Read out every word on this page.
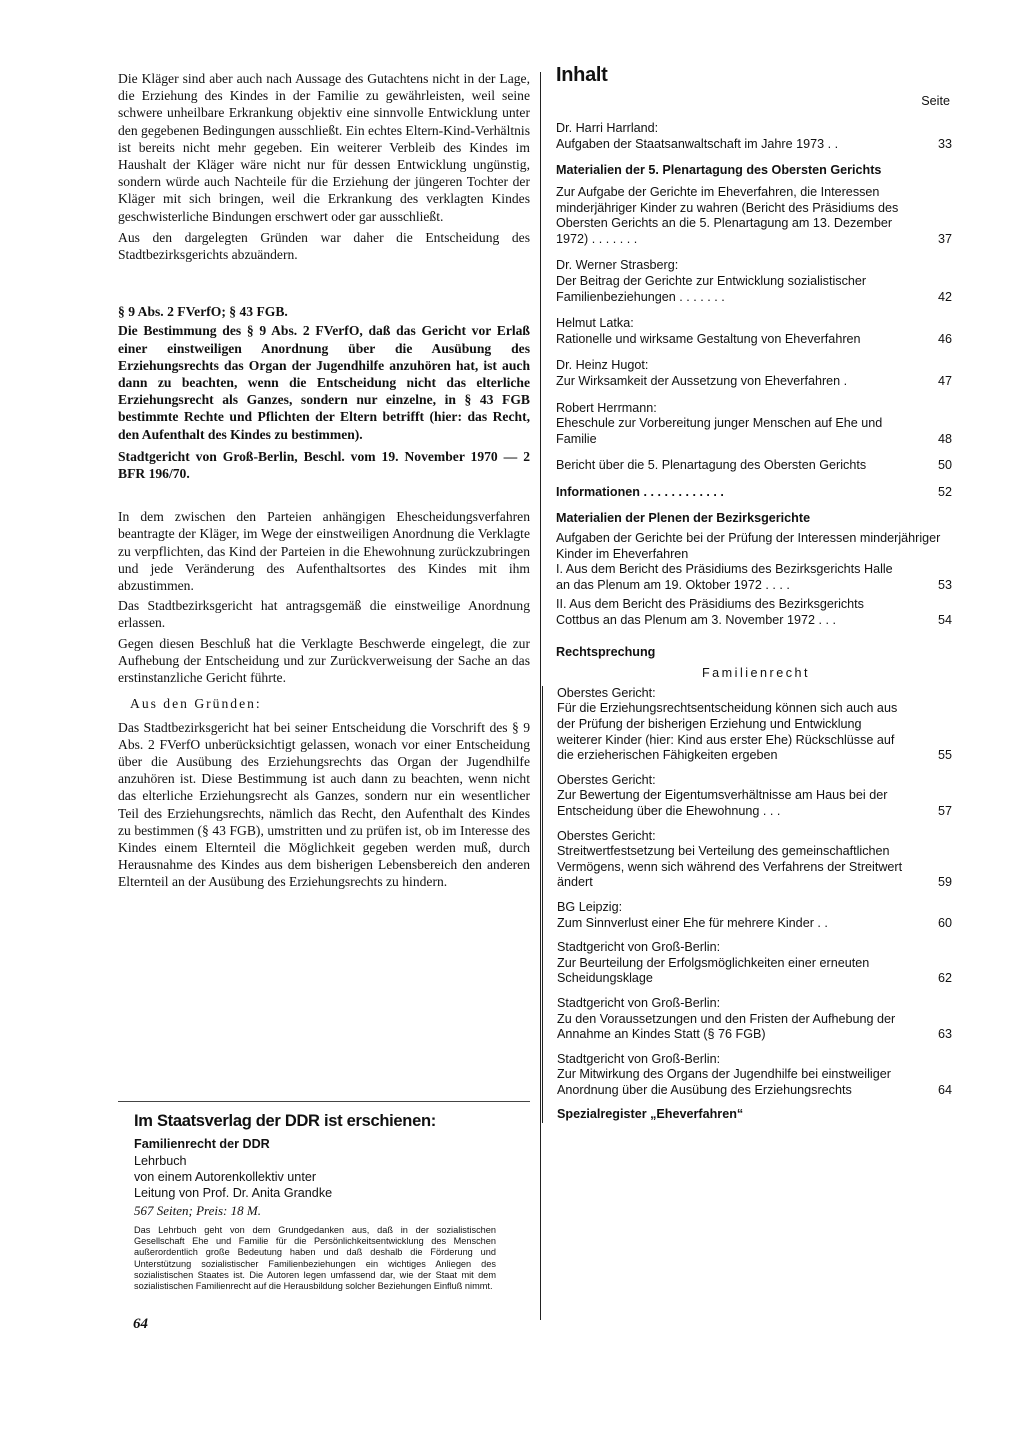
Die Kläger sind aber auch nach Aussage des Gutachtens nicht in der Lage, die Erziehung des Kindes in der Familie zu gewährleisten, weil seine schwere unheilbare Erkrankung objektiv eine sinnvolle Entwicklung unter den gegebenen Bedingungen ausschließt. Ein echtes Eltern-Kind-Verhältnis ist bereits nicht mehr gegeben. Ein weiterer Verbleib des Kindes im Haushalt der Kläger wäre nicht nur für dessen Entwicklung ungünstig, sondern würde auch Nachteile für die Erziehung der jüngeren Tochter der Kläger mit sich bringen, weil die Erkrankung des verklagten Kindes geschwisterliche Bindungen erschwert oder gar ausschließt.

Aus den dargelegten Gründen war daher die Entscheidung des Stadtbezirksgerichts abzuändern.

§ 9 Abs. 2 FVerfO; § 43 FGB.

Die Bestimmung des § 9 Abs. 2 FVerfO, daß das Gericht vor Erlaß einer einstweiligen Anordnung über die Ausübung des Erziehungsrechts das Organ der Jugendhilfe anzuhören hat, ist auch dann zu beachten, wenn die Entscheidung nicht das elterliche Erziehungsrecht als Ganzes, sondern nur einzelne, in § 43 FGB bestimmte Rechte und Pflichten der Eltern betrifft (hier: das Recht, den Aufenthalt des Kindes zu bestimmen).

Stadtgericht von Groß-Berlin, Beschl. vom 19. November 1970 — 2 BFR 196/70.

In dem zwischen den Parteien anhängigen Ehescheidungsverfahren beantragte der Kläger, im Wege der einstweiligen Anordnung die Verklagte zu verpflichten, das Kind der Parteien in die Ehewohnung zurückzubringen und jede Veränderung des Aufenthaltsortes des Kindes mit ihm abzustimmen.

Das Stadtbezirksgericht hat antragsgemäß die einstweilige Anordnung erlassen.

Gegen diesen Beschluß hat die Verklagte Beschwerde eingelegt, die zur Aufhebung der Entscheidung und zur Zurückverweisung der Sache an das erstinstanzliche Gericht führte.

Aus den Gründen:

Das Stadtbezirksgericht hat bei seiner Entscheidung die Vorschrift des § 9 Abs. 2 FVerfO unberücksichtigt gelassen, wonach vor einer Entscheidung über die Ausübung des Erziehungsrechts das Organ der Jugendhilfe anzuhören ist. Diese Bestimmung ist auch dann zu beachten, wenn nicht das elterliche Erziehungsrecht als Ganzes, sondern nur ein wesentlicher Teil des Erziehungsrechts, nämlich das Recht, den Aufenthalt des Kindes zu bestimmen (§ 43 FGB), umstritten und zu prüfen ist, ob im Interesse des Kindes einem Elternteil die Möglichkeit gegeben werden muß, durch Herausnahme des Kindes aus dem bisherigen Lebensbereich den anderen Elternteil an der Ausübung des Erziehungsrechts zu hindern.

Im Staatsverlag der DDR ist erschienen:

Familienrecht der DDR

Lehrbuch

von einem Autorenkollektiv unter

Leitung von Prof. Dr. Anita Grandke

567 Seiten; Preis: 18 M.

Das Lehrbuch geht von dem Grundgedanken aus, daß in der sozialistischen Gesellschaft Ehe und Familie für die Persönlichkeitsentwicklung des Menschen außerordentlich große Bedeutung haben und daß deshalb die Förderung und Unterstützung sozialistischer Familienbeziehungen ein wichtiges Anliegen des sozialistischen Staates ist. Die Autoren legen umfassend dar, wie der Staat mit dem sozialistischen Familienrecht auf die Herausbildung solcher Beziehungen Einfluß nimmt.

64

Inhalt

Seite

Dr. Harri Harrland:

Aufgaben der Staatsanwaltschaft im Jahre 1973 . .	33

Materialien der 5. Plenartagung des Obersten Gerichts

Zur Aufgabe der Gerichte im Eheverfahren, die Interessen minderjähriger Kinder zu wahren (Bericht des Präsidiums des Obersten Gerichts an die 5. Plenartagung am 13. Dezember 1972) . . . . . . .	37

Dr. Werner Strasberg:

Der Beitrag der Gerichte zur Entwicklung sozialistischer Familienbeziehungen . . . . . . .	42

Helmut Latka:

Rationelle und wirksame Gestaltung von Eheverfahren	46

Dr. Heinz Hugot:

Zur Wirksamkeit der Aussetzung von Eheverfahren .	47

Robert Herrmann:

Eheschule zur Vorbereitung junger Menschen auf Ehe und Familie	48

Bericht über die 5. Plenartagung des Obersten Gerichts	50

Informationen . . . . . . . . . . . .	52

Materialien der Plenen der Bezirksgerichte

Aufgaben der Gerichte bei der Prüfung der Interessen minderjähriger Kinder im Eheverfahren

I. Aus dem Bericht des Präsidiums des Bezirksgerichts Halle an das Plenum am 19. Oktober 1972 . . . .	53

II. Aus dem Bericht des Präsidiums des Bezirksgerichts Cottbus an das Plenum am 3. November 1972 . . .	54

Rechtsprechung

Familienrecht

Oberstes Gericht:

Für die Erziehungsrechtsentscheidung können sich auch aus der Prüfung der bisherigen Erziehung und Entwicklung weiterer Kinder (hier: Kind aus erster Ehe) Rückschlüsse auf die erzieherischen Fähigkeiten ergeben	55

Oberstes Gericht:

Zur Bewertung der Eigentumsverhältnisse am Haus bei der Entscheidung über die Ehewohnung . . .	57

Oberstes Gericht:

Streitwertfestsetzung bei Verteilung des gemeinschaftlichen Vermögens, wenn sich während des Verfahrens der Streitwert ändert	59

BG Leipzig:

Zum Sinnverlust einer Ehe für mehrere Kinder . .	60

Stadtgericht von Groß-Berlin:

Zur Beurteilung der Erfolgsmöglichkeiten einer erneuten Scheidungsklage	62

Stadtgericht von Groß-Berlin:

Zu den Voraussetzungen und den Fristen der Aufhebung der Annahme an Kindes Statt (§ 76 FGB)	63

Stadtgericht von Groß-Berlin:

Zur Mitwirkung des Organs der Jugendhilfe bei einstweiliger Anordnung über die Ausübung des Erziehungsrechts	64

Spezialregister „Eheverfahren“
